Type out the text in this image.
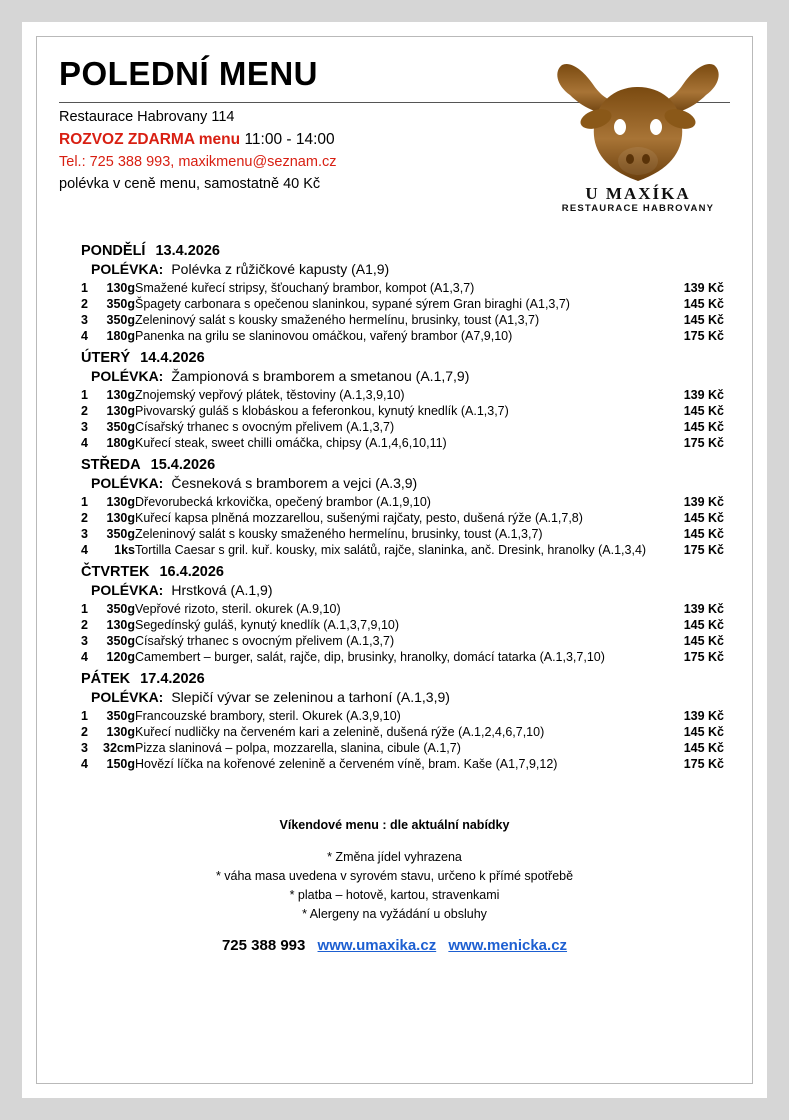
U MAXÍKA
RESTAURACE HABROVANY
POLEDNÍ MENU
Restaurace Habrovany 114
ROZVOZ ZDARMA menu 11:00 - 14:00
Tel.: 725 388 993, maxikmenu@seznam.cz
polévka v ceně menu, samostatně 40 Kč
PONDĚLÍ 13.4.2026
POLÉVKA: Polévka z růžičkové kapusty (A1,9)
1	130g	Smažené kuřecí stripsy, šťouchaný brambor, kompot (A1,3,7)	139 Kč
2	350g	Špagety carbonara s opečenou slaninkou, sypané sýrem Gran biraghi (A1,3,7)	145 Kč
3	350g	Zeleninový salát s kousky smaženého hermelínu, brusinky, toust (A1,3,7)	145 Kč
4	180g	Panenka na grilu se slaninovou omáčkou, vařený brambor (A7,9,10)	175 Kč
ÚTERÝ 14.4.2026
POLÉVKA: Žampionová s bramborem a smetanou (A.1,7,9)
1	130g	Znojemský vepřový plátek, těstoviny (A.1,3,9,10)	139 Kč
2	130g	Pivovarský guláš s klobáskou a feferonkou, kynutý knedlík (A.1,3,7)	145 Kč
3	350g	Císařský trhanec s ovocným přelivem (A.1,3,7)	145 Kč
4	180g	Kuřecí steak, sweet chilli omáčka, chipsy (A.1,4,6,10,11)	175 Kč
STŘEDA 15.4.2026
POLÉVKA: Česneková s bramborem a vejci (A.3,9)
1	130g	Dřevorubecká krkovička, opečený brambor (A.1,9,10)	139 Kč
2	130g	Kuřecí kapsa plněná mozzarellou, sušenými rajčaty, pesto, dušená rýže (A.1,7,8)	145 Kč
3	350g	Zeleninový salát s kousky smaženého hermelínu, brusinky, toust (A.1,3,7)	145 Kč
4	1ks	Tortilla Caesar s gril. kuř. kousky, mix salátů, rajče, slaninka, anč. Dresink, hranolky (A.1,3,4)	175 Kč
ČTVRTEK 16.4.2026
POLÉVKA: Hrstková (A.1,9)
1	350g	Vepřové rizoto, steril. okurek (A.9,10)	139 Kč
2	130g	Segedínský guláš, kynutý knedlík (A.1,3,7,9,10)	145 Kč
3	350g	Císařský trhanec s ovocným přelivem (A.1,3,7)	145 Kč
4	120g	Camembert – burger, salát, rajče, dip, brusinky, hranolky, domácí tatarka (A.1,3,7,10)	175 Kč
PÁTEK 17.4.2026
POLÉVKA: Slepičí vývar se zeleninou a tarhoní (A.1,3,9)
1	350g	Francouzské brambory, steril. Okurek (A.3,9,10)	139 Kč
2	130g	Kuřecí nudličky na červeném kari a zelenině, dušená rýže (A.1,2,4,6,7,10)	145 Kč
3	32cm	Pizza slaninová – polpa, mozzarella, slanina, cibule (A.1,7)	145 Kč
4	150g	Hovězí líčka na kořenové zelenině a červeném víně, bram. Kaše (A1,7,9,12)	175 Kč
Víkendové menu : dle aktuální nabídky
* Změna jídel vyhrazena
* váha masa uvedena v syrovém stavu, určeno k přímé spotřebě
* platba – hotově, kartou, stravenkami
* Alergeny na vyžádání u obsluhy
725 388 993 www.umaxika.cz www.menicka.cz
